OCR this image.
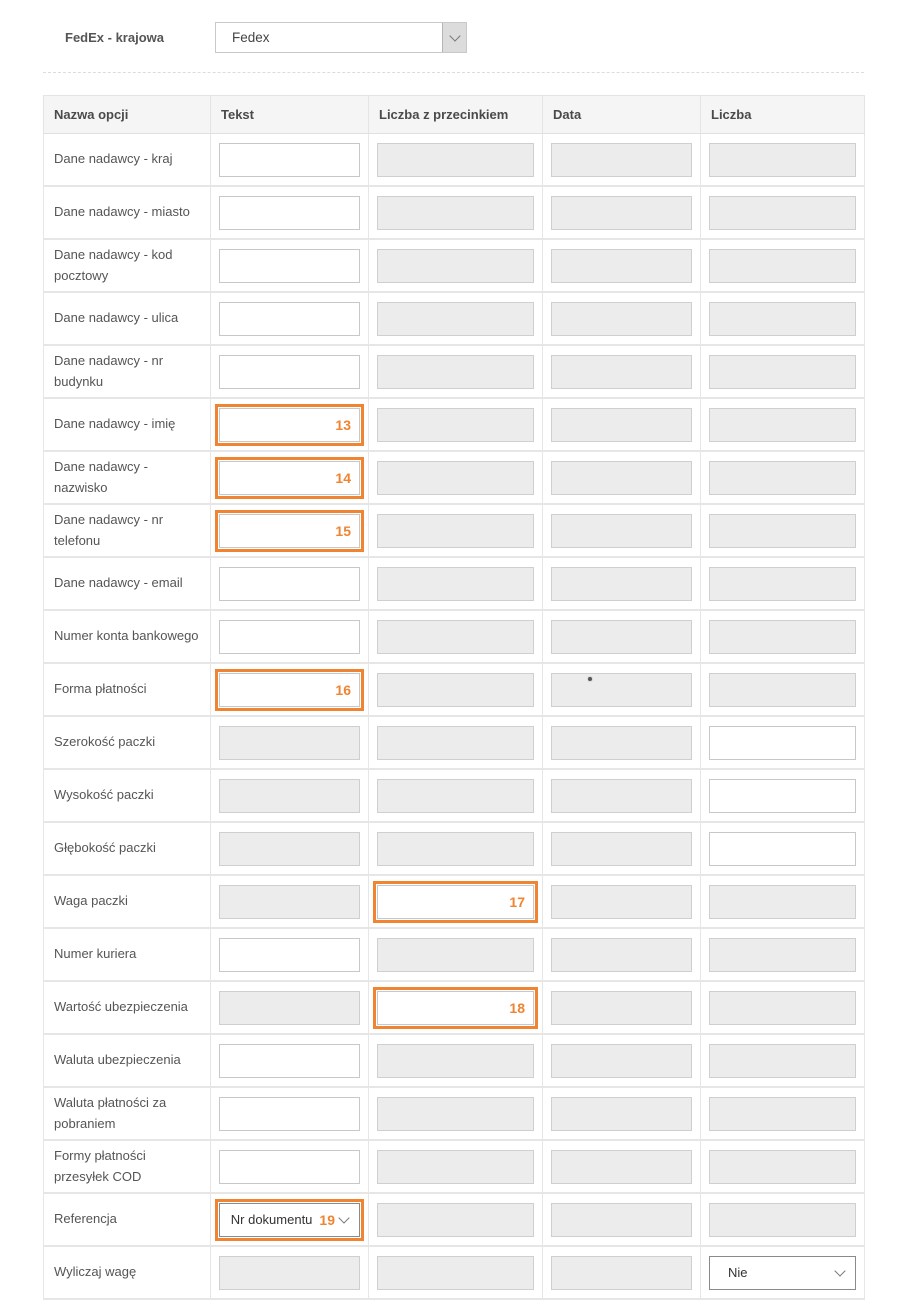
FedEx - krajowa	Fedex
Nazwa opcji	Tekst	Liczba z przecinkiem	Data	Liczba
Dane nadawcy - kraj	

Dane nadawcy - miasto	

Dane nadawcy - kod pocztowy	

Dane nadawcy - ulica	

Dane nadawcy - nr budynku	

Dane nadawcy - imię	13			

Dane nadawcy - nazwisko	14			

Dane nadawcy - nr telefonu	15			

Dane nadawcy - email	

Numer konta bankowego	

Forma płatności	16			

Szerokość paczki	

Wysokość paczki	

Głębokość paczki	

Waga paczki		17		

Numer kuriera	

Wartość ubezpieczenia		18		

Waluta ubezpieczenia	

Waluta płatności za pobraniem	

Formy płatności przesyłek COD	

Referencja	Nr dokumentu 19			

Wyliczaj wagę				Nie
